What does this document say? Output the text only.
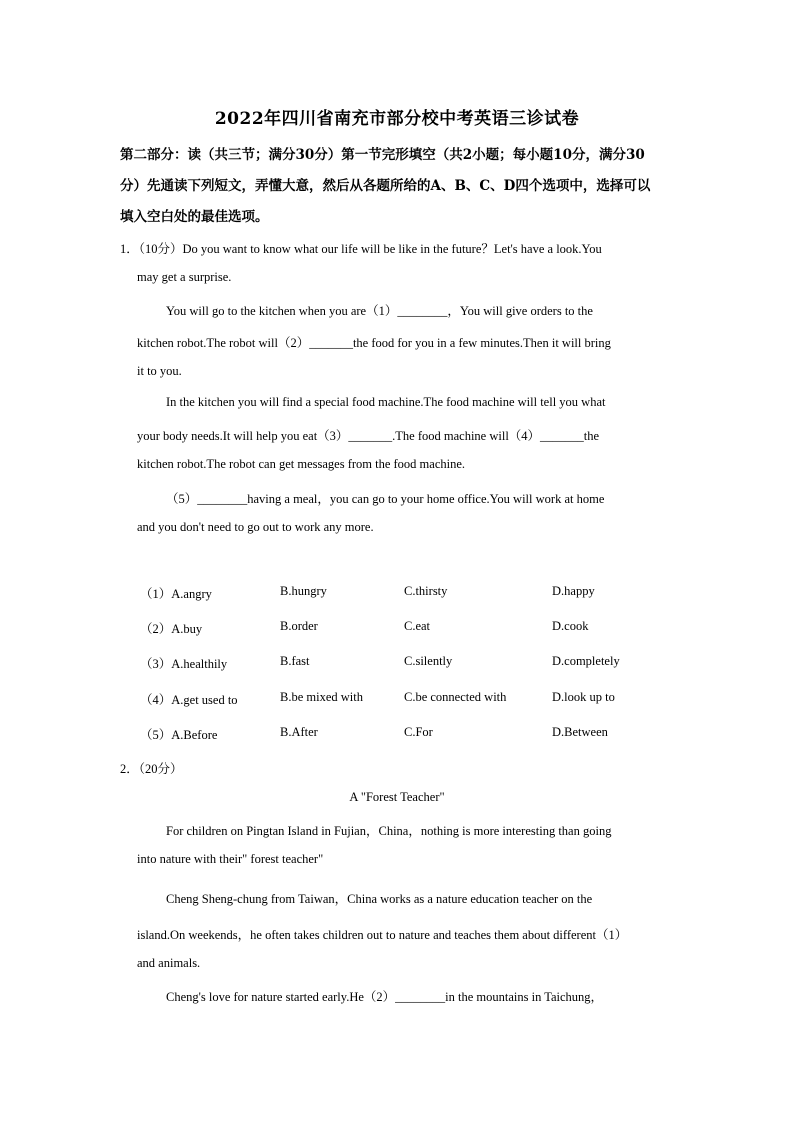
2022年四川省南充市部分校中考英语三诊试卷
第二部分：读（共三节；满分30分）第一节完形填空（共2小题；每小题10分，满分30
分）先通读下列短文，弄懂大意，然后从各题所给的A、B、C、D四个选项中，选择可以
填入空白处的最佳选项。
1．（10分）Do you want to know what our life will be like in the future？Let's have a look.You
may get a surprise.
You will go to the kitchen when you are（1）________，You will give orders to the
kitchen robot.The robot will（2）_______the food for you in a few minutes.Then it will bring
it to you.
In the kitchen you will find a special food machine.The food machine will tell you what
your body needs.It will help you eat（3）_______.The food machine will（4）_______the
kitchen robot.The robot can get messages from the food machine.
（5）________having a meal，you can go to your home office.You will work at home
and you don't need to go out to work any more.
（1）A.angry	B.hungry	C.thirsty	D.happy
（2）A.buy	B.order	C.eat	D.cook
（3）A.healthily	B.fast	C.silently	D.completely
（4）A.get used to	B.be mixed with	C.be connected with	D.look up to
（5）A.Before	B.After	C.For	D.Between
2．（20分）
A "Forest Teacher"
For children on Pingtan Island in Fujian，China，nothing is more interesting than going
into nature with their" forest teacher"
Cheng Sheng-chung from Taiwan，China works as a nature education teacher on the
island.On weekends，he often takes children out to nature and teaches them about different（1）
and animals.
Cheng's love for nature started early.He（2）________in the mountains in Taichung，
